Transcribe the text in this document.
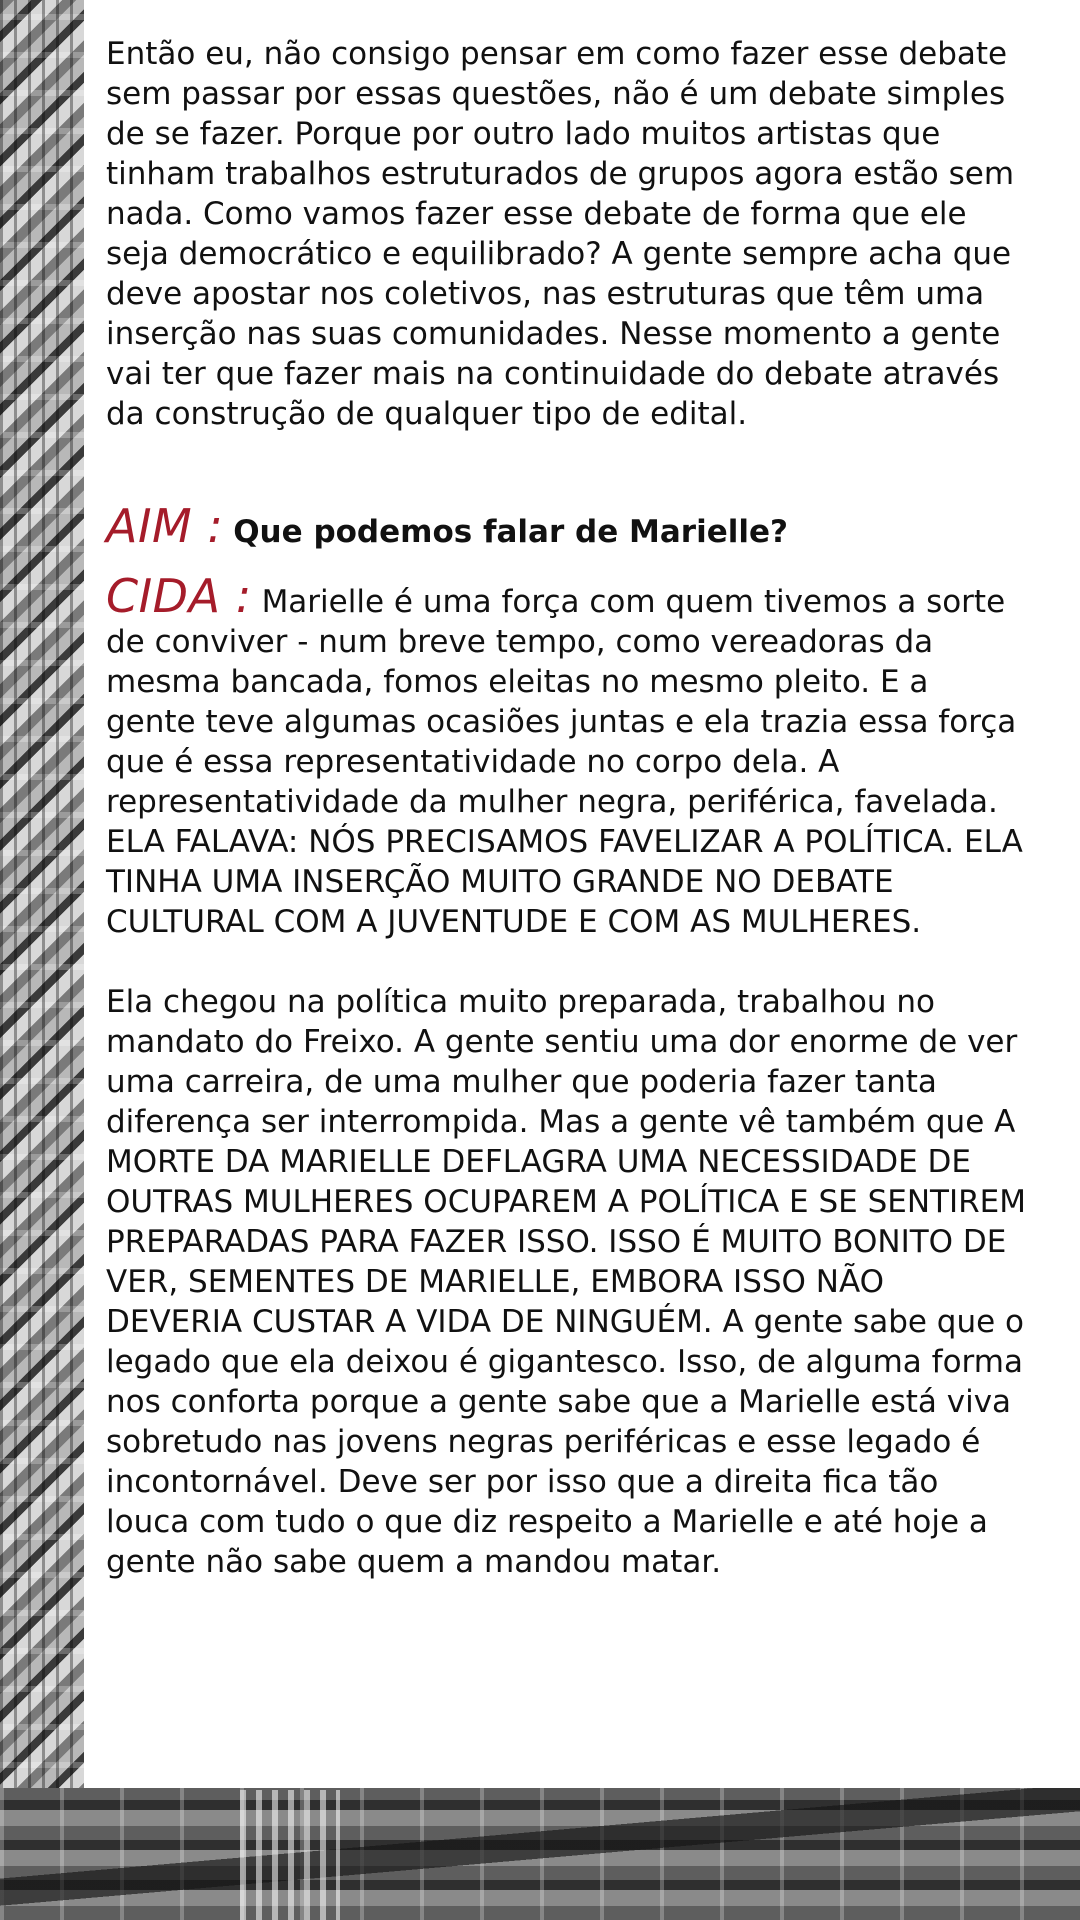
Então eu, não consigo pensar em como fazer esse debate sem passar por essas questões, não é um debate simples de se fazer. Porque por outro lado muitos artistas que tinham trabalhos estruturados de grupos agora estão sem nada. Como vamos fazer esse debate de forma que ele seja democrático e equilibrado? A gente sempre acha que deve apostar nos coletivos, nas estruturas que têm uma inserção nas suas comunidades. Nesse momento a gente vai ter que fazer mais na continuidade do debate através da construção de qualquer tipo de edital.

AIM : Que podemos falar de Marielle?

CIDA : Marielle é uma força com quem tivemos a sorte de conviver - num breve tempo, como vereadoras da mesma bancada, fomos eleitas no mesmo pleito. E a gente teve algumas ocasiões juntas e ela trazia essa força que é essa representatividade no corpo dela. A representatividade da mulher negra, periférica, favelada. ELA FALAVA: NÓS PRECISAMOS FAVELIZAR A POLÍTICA. ELA TINHA UMA INSERÇÃO MUITO GRANDE NO DEBATE CULTURAL COM A JUVENTUDE E COM AS MULHERES.

Ela chegou na política muito preparada, trabalhou no mandato do Freixo. A gente sentiu uma dor enorme de ver uma carreira, de uma mulher que poderia fazer tanta diferença ser interrompida. Mas a gente vê também que A MORTE DA MARIELLE DEFLAGRA UMA NECESSIDADE DE OUTRAS MULHERES OCUPAREM A POLÍTICA E SE SENTIREM PREPARADAS PARA FAZER ISSO. ISSO É MUITO BONITO DE VER, SEMENTES DE MARIELLE, EMBORA ISSO NÃO DEVERIA CUSTAR A VIDA DE NINGUÉM. A gente sabe que o legado que ela deixou é gigantesco. Isso, de alguma forma nos conforta porque a gente sabe que a Marielle está viva sobretudo nas jovens negras periféricas e esse legado é incontornável. Deve ser por isso que a direita fica tão louca com tudo o que diz respeito a Marielle e até hoje a gente não sabe quem a mandou matar.
